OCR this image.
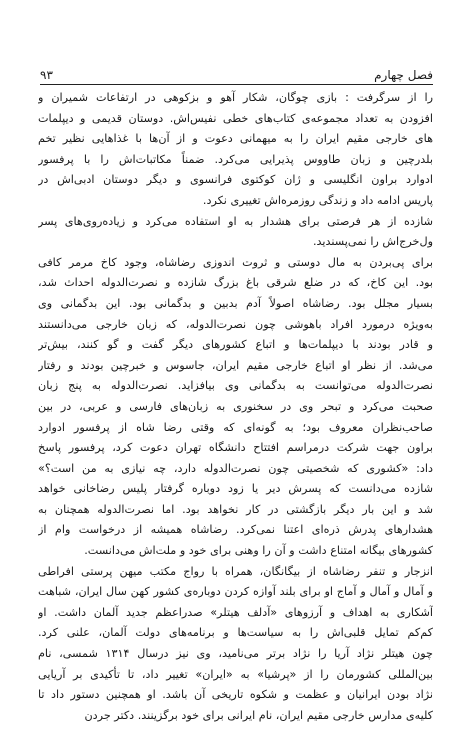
فصل چهارم
۹۳
را از سرگرفت : بازی چوگان، شکار آهو و بزکوهی در ارتفاعات شمیران و
افزودن به تعداد مجموعه‌ی کتاب‌های خطی نفیس‌اش. دوستان قدیمی و دیپلمات
های خارجی مقیم ایران را به میهمانی دعوت و از آن‌ها با غذاهایی نظیر تخم
بلدرچین و زبان طاووس پذیرایی می‌کرد. ضمناً مکاتبات‌اش را با پرفسور
ادوارد براون انگلیسی و ژان کوکتوی فرانسوی و دیگر دوستان ادبی‌اش در
پاریس ادامه داد و زندگی روزمره‌اش تغییری نکرد.
شازده از هر فرصتی برای هشدار به او استفاده می‌کرد و زیاده‌روی‌های پسر
ول‌خرج‌اش را نمی‌پسندید.
برای پی‌بردن به مال دوستی و ثروت اندوزی رضاشاه، وجود کاخ مرمر کافی
بود. این کاخ، که در ضلع شرقی باغ بزرگ شازده و نصرت‌الدوله احداث شد،
بسیار مجلل بود. رضاشاه اصولاً آدم بدبین و بدگمانی بود. این بدگمانی وی
به‌ویژه درمورد افراد باهوشی چون نصرت‌الدوله، که زبان خارجی می‌دانستند
و قادر بودند با دیپلمات‌ها و اتباع کشورهای دیگر گفت و گو کنند، بیش‌تر
می‌شد. از نظر او اتباع خارجی مقیم ایران، جاسوس و خبرچین بودند و رفتار
نصرت‌الدوله می‌توانست به بدگمانی وی بیافزاید. نصرت‌الدوله به پنج زبان
صحبت می‌کرد و تبحر وی در سخنوری به زبان‌های فارسی و عربی، در بین
صاحب‌نظران معروف بود؛ به گونه‌ای که وقتی رضا شاه از پرفسور ادوارد
براون جهت شرکت درمراسم افتتاح دانشگاه تهران دعوت کرد، پرفسور پاسخ
داد: «کشوری که شخصیتی چون نصرت‌الدوله دارد، چه نیازی به من است؟»
شازده می‌دانست که پسرش دیر یا زود دوباره گرفتار پلیس رضاخانی خواهد
شد و این بار دیگر بازگشتی در کار نخواهد بود. اما نصرت‌الدوله همچنان به
هشدارهای پدرش ذره‌ای اعتنا نمی‌کرد. رضاشاه همیشه از درخواست وام از
کشورهای بیگانه امتناع داشت و آن را وهنی برای خود و ملت‌اش می‌دانست.
انزجار و تنفر رضاشاه از بیگانگان، همراه با رواج مکتب میهن پرستی افراطی
و آمال و آمال و آماج او برای بلند آوازه کردن دوباره‌ی کشور کهن سال ایران، شباهت
آشکاری به اهداف و آرزوهای «آدلف هیتلر» صدراعظم جدید آلمان داشت. او
کم‌کم تمایل قلبی‌اش را به سیاست‌ها و برنامه‌های دولت آلمان، علنی کرد.
چون هیتلر نژاد آریا را نژاد برتر می‌نامید، وی نیز درسال ۱۳۱۴ شمسی، نام
بین‌المللی کشورمان را از «پرشیا» به «ایران» تغییر داد، تا تأکیدی بر آریایی
نژاد بودن ایرانیان و عظمت و شکوه تاریخی آن باشد. او همچنین دستور داد تا
کلیه‌ی مدارس خارجی مقیم ایران، نام ایرانی برای خود برگزینند. دکتر جردن
